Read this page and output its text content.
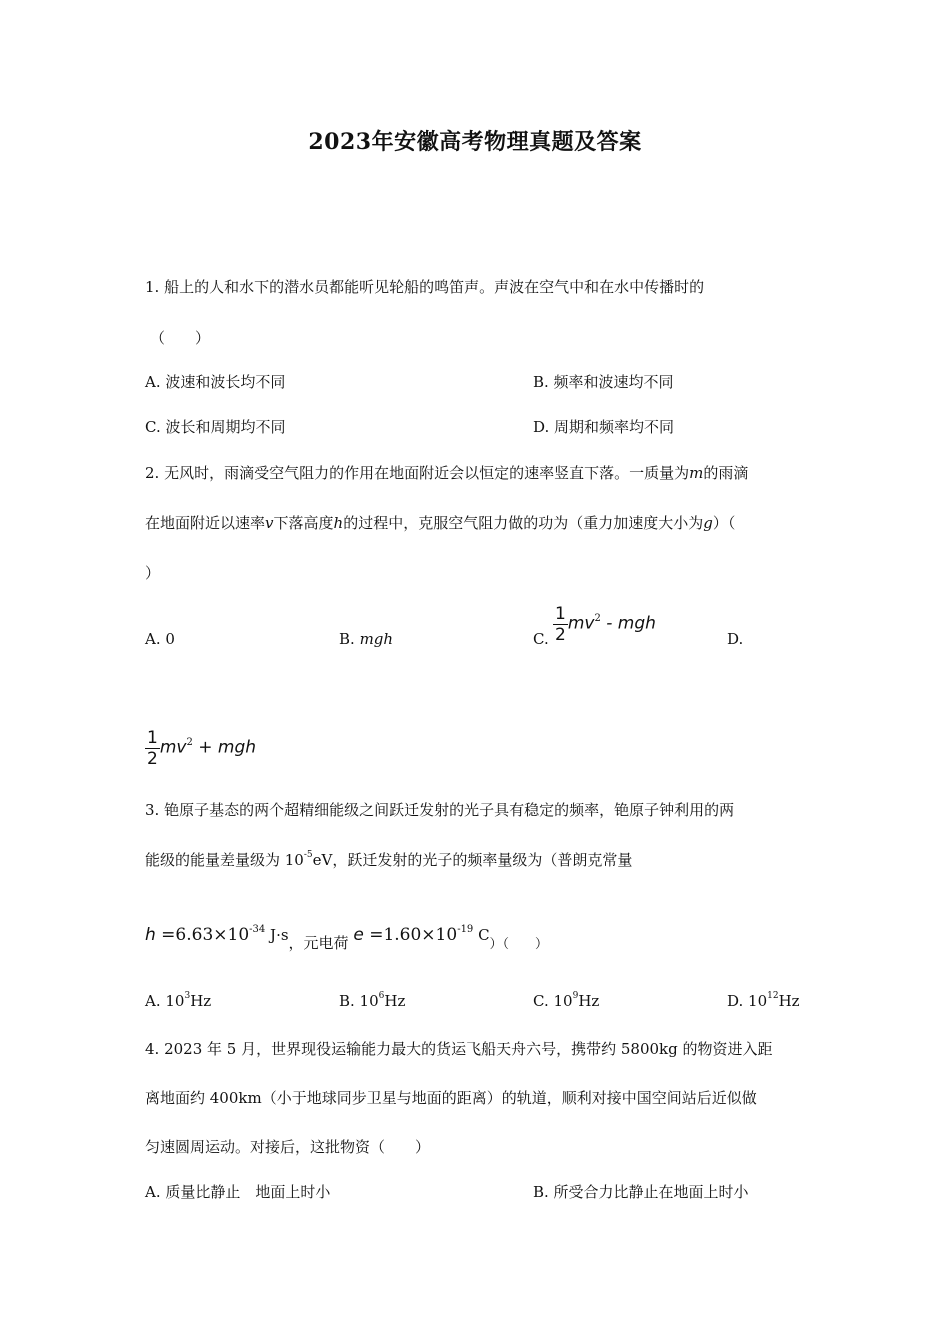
2023年安徽高考物理真题及答案
1. 船上的人和水下的潜水员都能听见轮船的鸣笛声。声波在空气中和在水中传播时的
（　　）
A. 波速和波长均不同	B. 频率和波速均不同
C. 波长和周期均不同	D. 周期和频率均不同
2. 无风时，雨滴受空气阻力的作用在地面附近会以恒定的速率竖直下落。一质量为m的雨滴
在地面附近以速率v下落高度h的过程中，克服空气阻力做的功为（重力加速度大小为g）（
）
A. 0	B. mgh	C. $\frac{1}{2} mv^2$ - mgh
D.
$\frac{1}{2} mv^2$ + mgh
3. 铯原子基态的两个超精细能级之间跃迁发射的光子具有稳定的频率，铯原子钟利用的两
能级的能量差量级为 $10^{-5}eV$，跃迁发射的光子的频率量级为（普朗克常量
$h =6.63\times 10^{-34}$ J·s，元电荷 $e =1.60\times 10^{-19}$ C）（　　）
A. $10^3Hz$	B. $10^6Hz$	C. $10^9Hz$	D. $10^{12}Hz$
4. 2023 年 5 月，世界现役运输能力最大的货运飞船天舟六号，携带约 5800kg 的物资进入距
离地面约 400km（小于地球同步卫星与地面的距离）的轨道，顺利对接中国空间站后近似做
匀速圆周运动。对接后，这批物资（　　）
A. 质量比静止　地面上时小	B. 所受合力比静止在地面上时小
